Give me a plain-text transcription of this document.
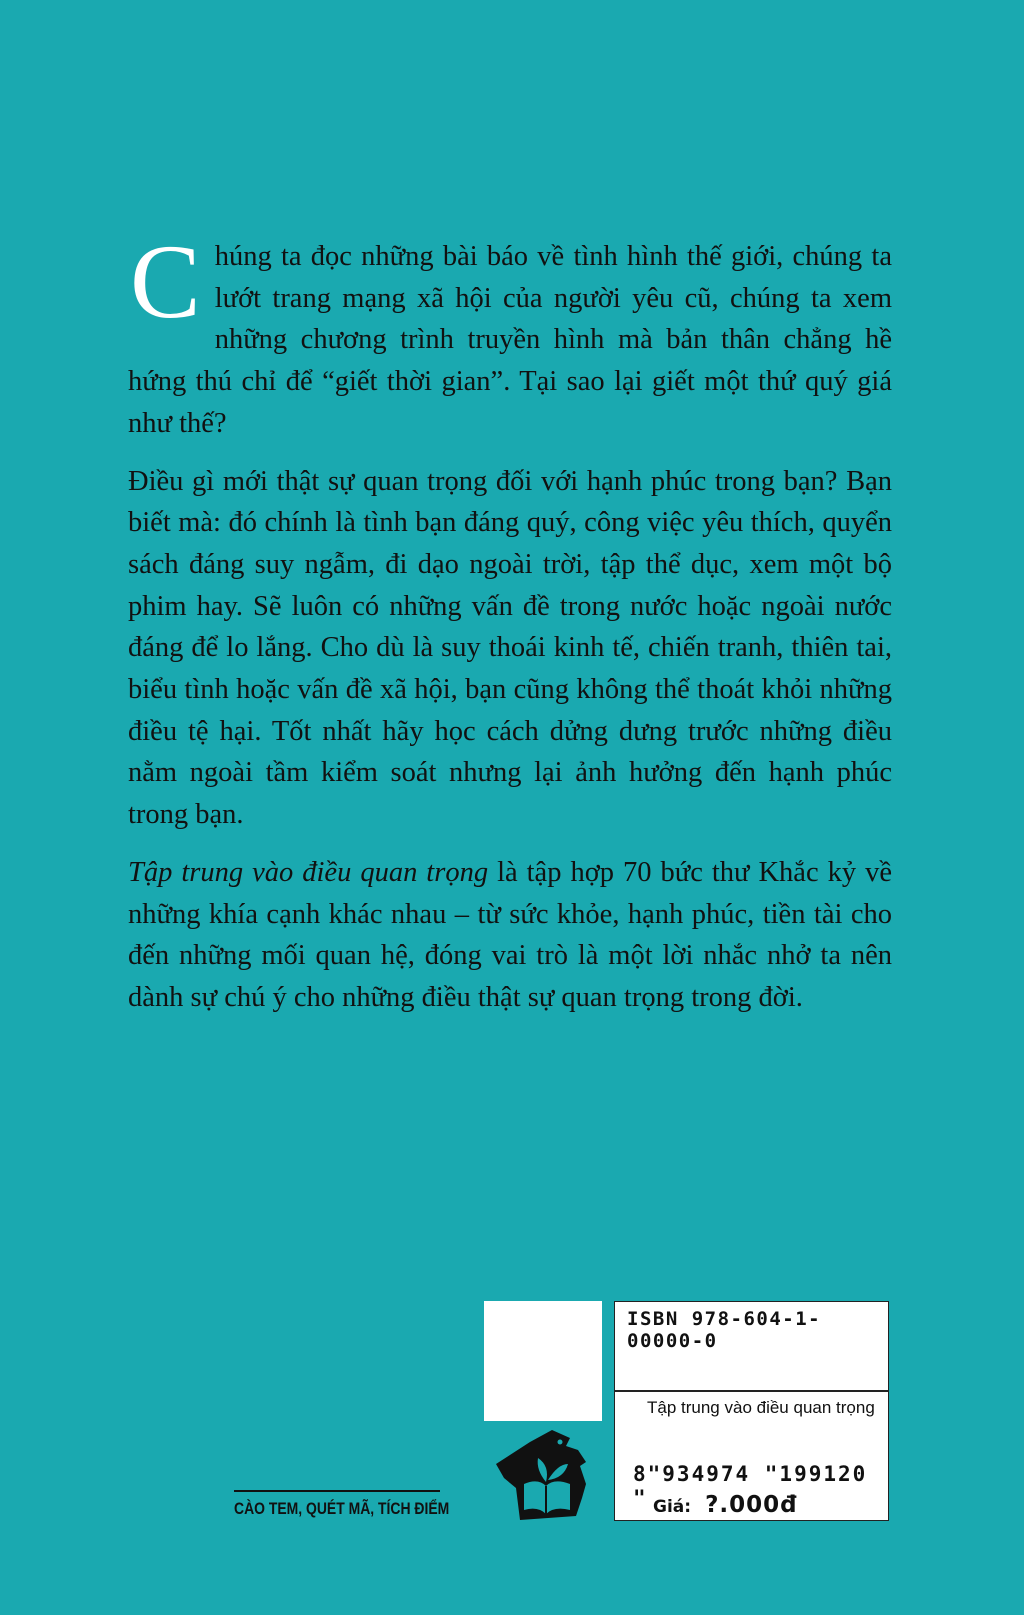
Chúng ta đọc những bài báo về tình hình thế giới, chúng ta lướt trang mạng xã hội của người yêu cũ, chúng ta xem những chương trình truyền hình mà bản thân chẳng hề hứng thú chỉ để “giết thời gian”. Tại sao lại giết một thứ quý giá như thế?

Điều gì mới thật sự quan trọng đối với hạnh phúc trong bạn? Bạn biết mà: đó chính là tình bạn đáng quý, công việc yêu thích, quyển sách đáng suy ngẫm, đi dạo ngoài trời, tập thể dục, xem một bộ phim hay. Sẽ luôn có những vấn đề trong nước hoặc ngoài nước đáng để lo lắng. Cho dù là suy thoái kinh tế, chiến tranh, thiên tai, biểu tình hoặc vấn đề xã hội, bạn cũng không thể thoát khỏi những điều tệ hại. Tốt nhất hãy học cách dửng dưng trước những điều nằm ngoài tầm kiểm soát nhưng lại ảnh hưởng đến hạnh phúc trong bạn.

Tập trung vào điều quan trọng là tập hợp 70 bức thư Khắc kỷ về những khía cạnh khác nhau – từ sức khỏe, hạnh phúc, tiền tài cho đến những mối quan hệ, đóng vai trò là một lời nhắc nhở ta nên dành sự chú ý cho những điều thật sự quan trọng trong đời.

ISBN 978-604-1-00000-0
Tập trung vào điều quan trọng
8"934974 "199120 " Giá: ?.000đ
CÀO TEM, QUÉT MÃ, TÍCH ĐIỂM
